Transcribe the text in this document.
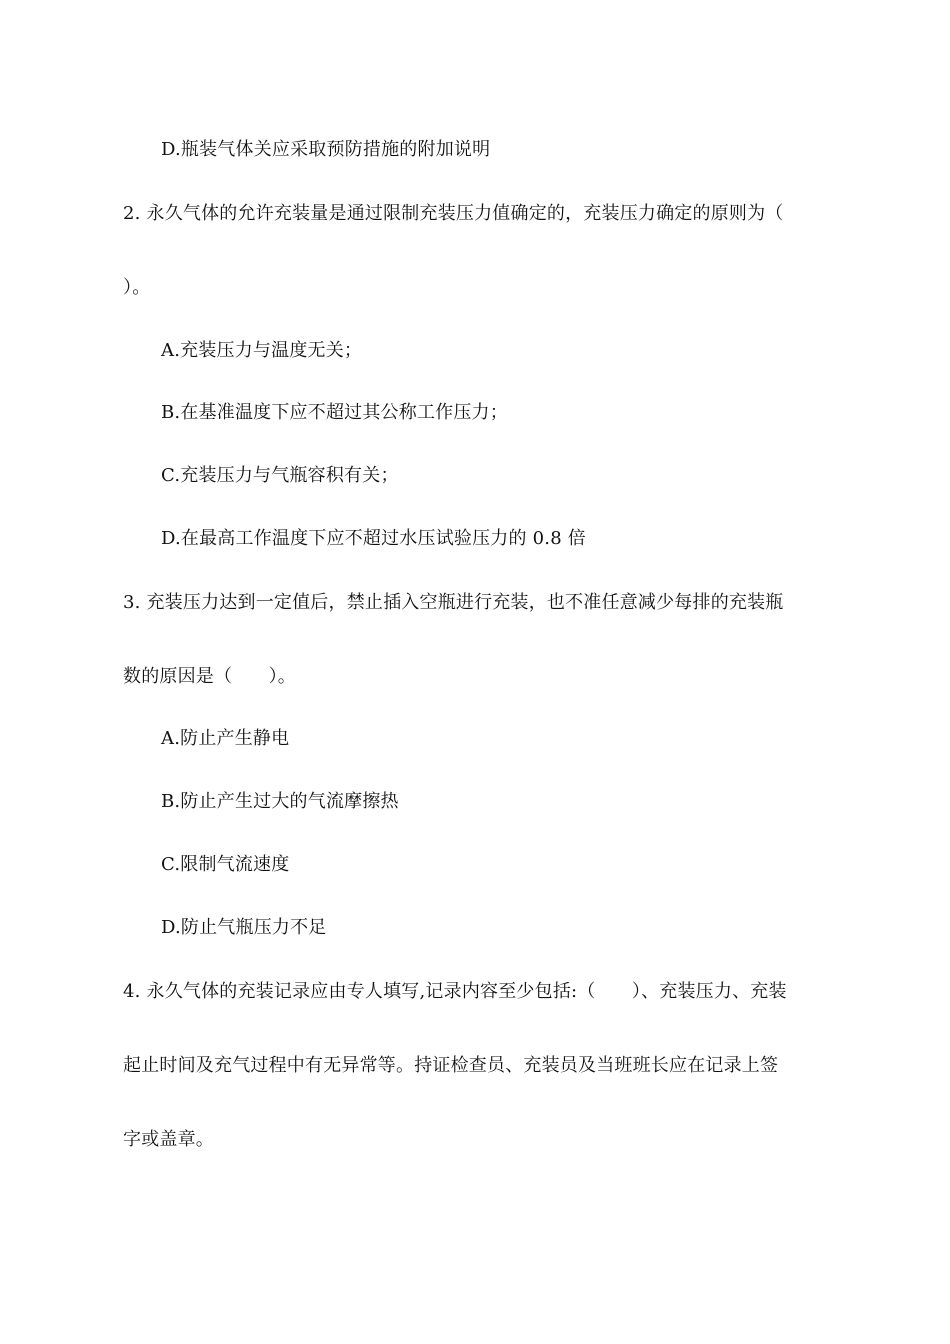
D.瓶装气体关应采取预防措施的附加说明

2. 永久气体的允许充装量是通过限制充装压力值确定的，充装压力确定的原则为（

）。

A.充装压力与温度无关；

B.在基准温度下应不超过其公称工作压力；

C.充装压力与气瓶容积有关；

D.在最高工作温度下应不超过水压试验压力的 0.8 倍

3. 充装压力达到一定值后，禁止插入空瓶进行充装，也不准任意减少每排的充装瓶

数的原因是（　　）。

A.防止产生静电

B.防止产生过大的气流摩擦热

C.限制气流速度

D.防止气瓶压力不足

4. 永久气体的充装记录应由专人填写,记录内容至少包括:（　　）、充装压力、充装

起止时间及充气过程中有无异常等。持证检查员、充装员及当班班长应在记录上签

字或盖章。
